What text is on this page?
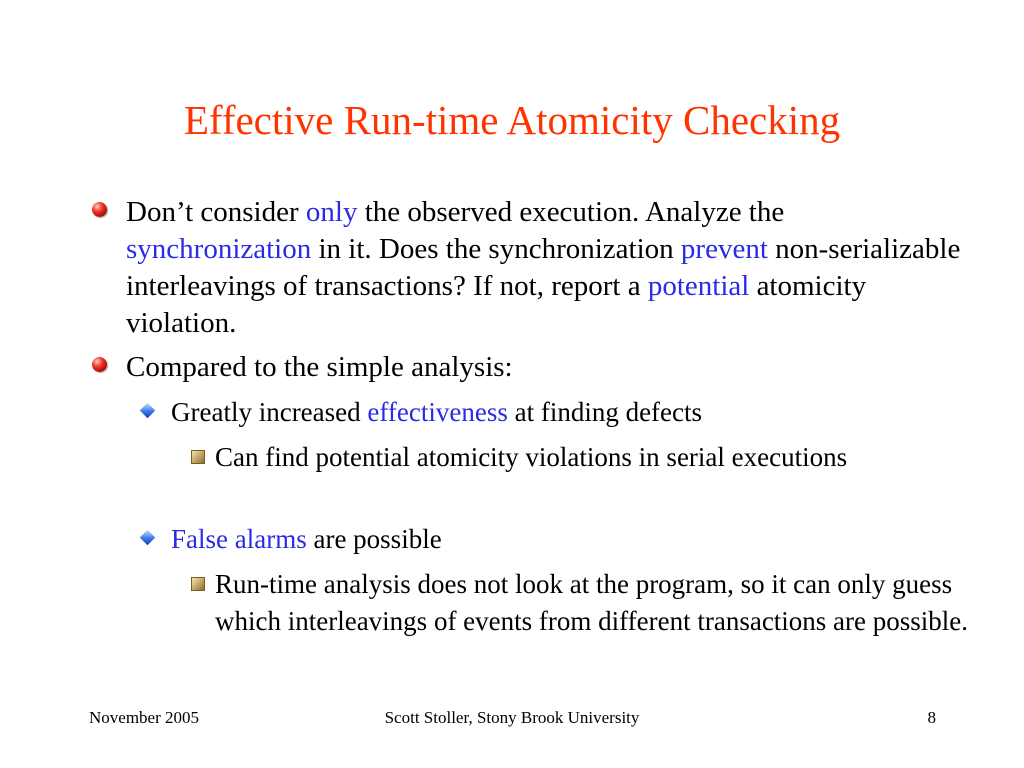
Effective Run-time Atomicity Checking
Don’t consider only the observed execution. Analyze the synchronization in it. Does the synchronization prevent non-serializable interleavings of transactions? If not, report a potential atomicity violation.
Compared to the simple analysis:
Greatly increased effectiveness at finding defects
Can find potential atomicity violations in serial executions
False alarms are possible
Run-time analysis does not look at the program, so it can only guess which interleavings of events from different transactions are possible.
November 2005	Scott Stoller, Stony Brook University	8
